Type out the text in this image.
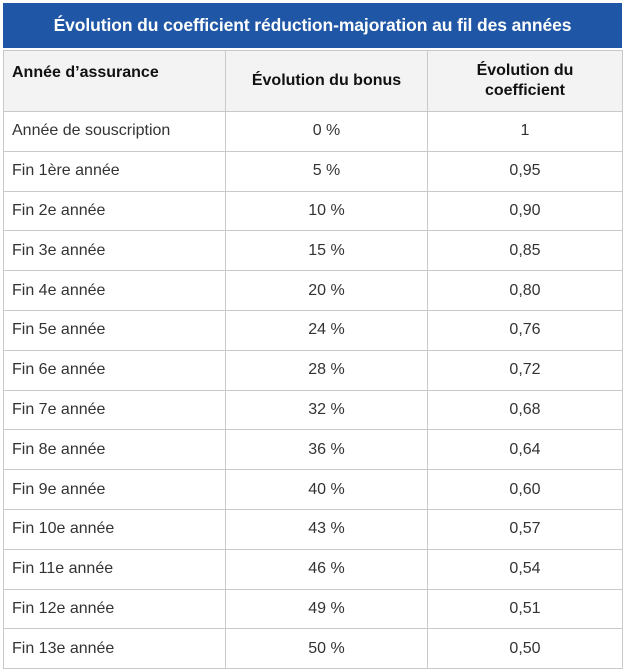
Évolution du coefficient réduction-majoration au fil des années
Année d’assurance	Évolution du bonus	Évolution du coefficient
Année de souscription	0 %	1
Fin 1ère année	5 %	0,95
Fin 2e année	10 %	0,90
Fin 3e année	15 %	0,85
Fin 4e année	20 %	0,80
Fin 5e année	24 %	0,76
Fin 6e année	28 %	0,72
Fin 7e année	32 %	0,68
Fin 8e année	36 %	0,64
Fin 9e année	40 %	0,60
Fin 10e année	43 %	0,57
Fin 11e année	46 %	0,54
Fin 12e année	49 %	0,51
Fin 13e année	50 %	0,50
